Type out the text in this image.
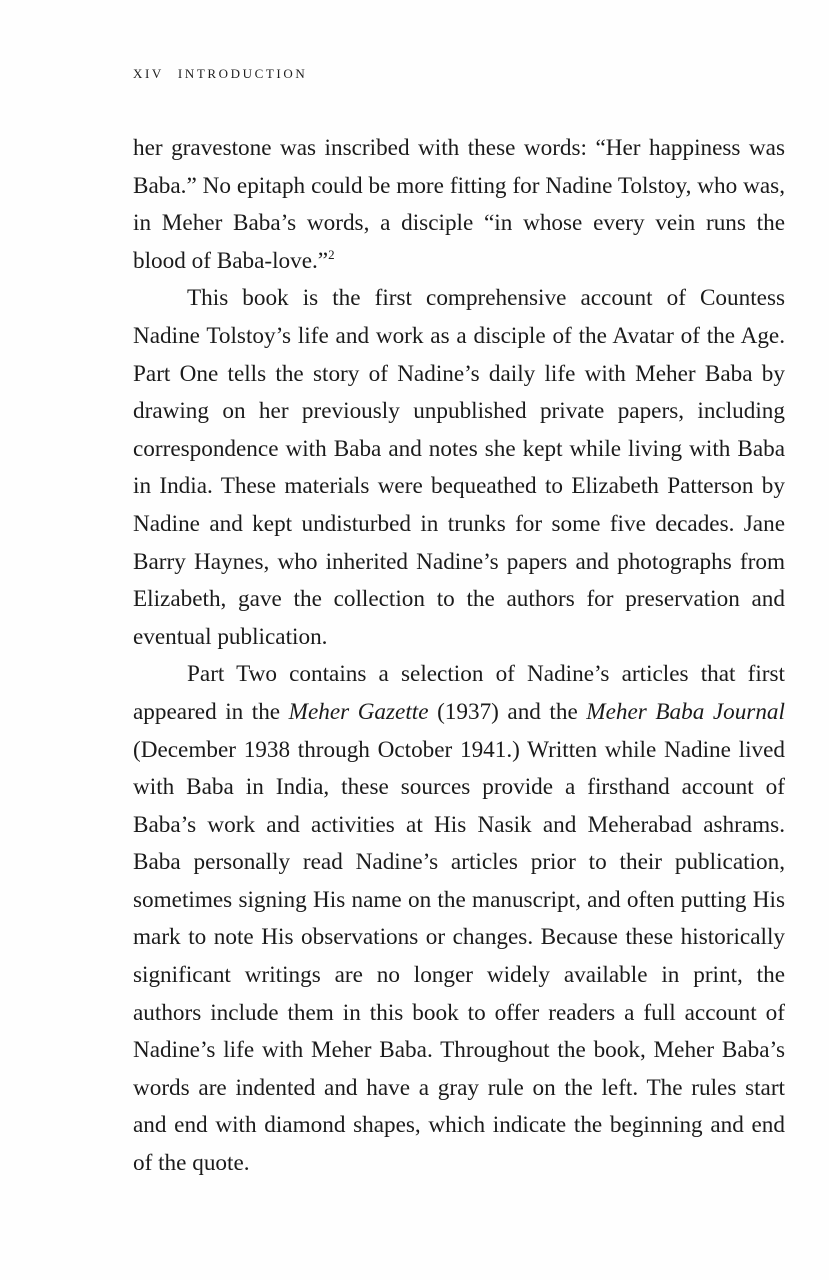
XIV INTRODUCTION

her gravestone was inscribed with these words: “Her happiness was Baba.” No epitaph could be more fitting for Nadine Tolstoy, who was, in Meher Baba’s words, a disciple “in whose every vein runs the blood of Baba-love.”$^2$

This book is the first comprehensive account of Countess Nadine Tolstoy’s life and work as a disciple of the Avatar of the Age. Part One tells the story of Nadine’s daily life with Meher Baba by drawing on her previously unpublished private papers, including correspondence with Baba and notes she kept while living with Baba in India. These materials were bequeathed to Elizabeth Patterson by Nadine and kept undisturbed in trunks for some five decades. Jane Barry Haynes, who inherited Nadine’s papers and photographs from Elizabeth, gave the collection to the authors for preservation and eventual publication.

Part Two contains a selection of Nadine’s articles that first appeared in the Meher Gazette (1937) and the Meher Baba Journal (December 1938 through October 1941.) Written while Nadine lived with Baba in India, these sources provide a firsthand account of Baba’s work and activities at His Nasik and Meherabad ashrams. Baba personally read Nadine’s articles prior to their publication, sometimes signing His name on the manuscript, and often putting His mark to note His observations or changes. Because these historically significant writings are no longer widely available in print, the authors include them in this book to offer readers a full account of Nadine’s life with Meher Baba. Throughout the book, Meher Baba’s words are indented and have a gray rule on the left. The rules start and end with diamond shapes, which indicate the beginning and end of the quote.
